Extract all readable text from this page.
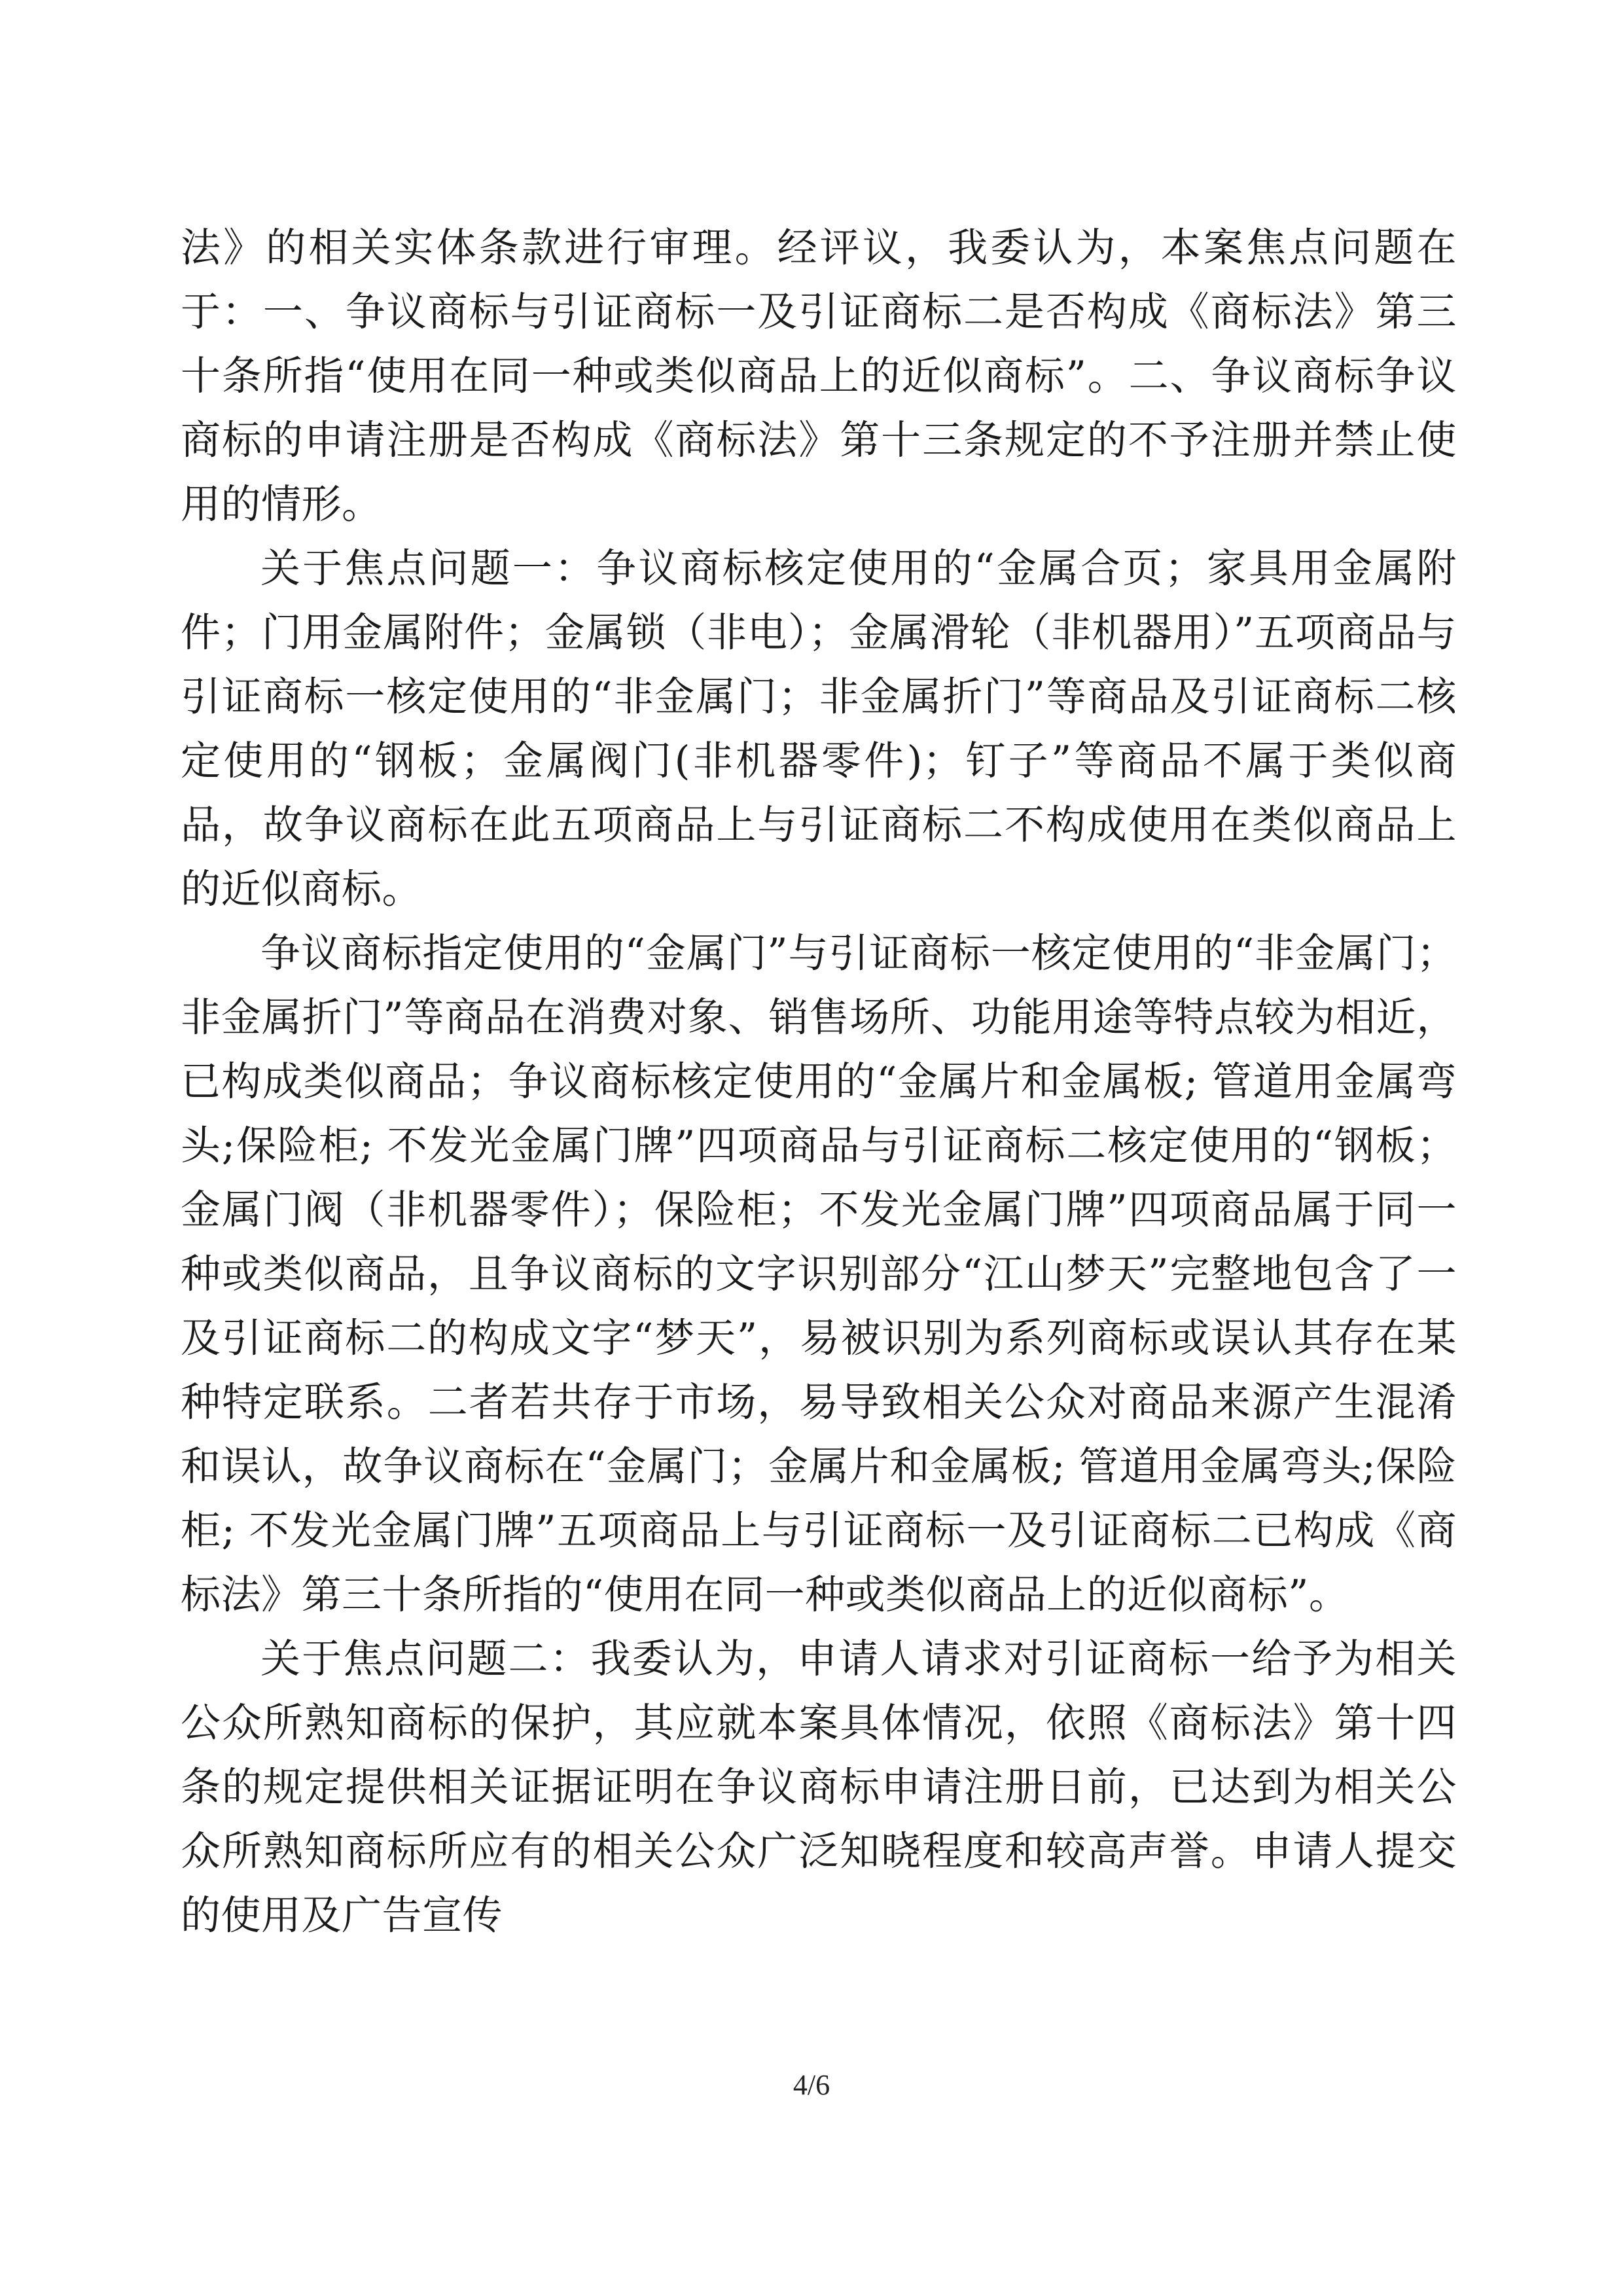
法》的相关实体条款进行审理。经评议，我委认为，本案焦点问题在于：一、争议商标与引证商标一及引证商标二是否构成《商标法》第三十条所指“使用在同一种或类似商品上的近似商标”。二、争议商标争议商标的申请注册是否构成《商标法》第十三条规定的不予注册并禁止使用的情形。

关于焦点问题一：争议商标核定使用的“金属合页；家具用金属附件；门用金属附件；金属锁（非电）；金属滑轮（非机器用）”五项商品与引证商标一核定使用的“非金属门；非金属折门”等商品及引证商标二核定使用的“钢板；金属阀门(非机器零件)；钉子”等商品不属于类似商品，故争议商标在此五项商品上与引证商标二不构成使用在类似商品上的近似商标。

争议商标指定使用的“金属门”与引证商标一核定使用的“非金属门；非金属折门”等商品在消费对象、销售场所、功能用途等特点较为相近，已构成类似商品；争议商标核定使用的“金属片和金属板; 管道用金属弯头;保险柜; 不发光金属门牌”四项商品与引证商标二核定使用的“钢板；金属门阀（非机器零件）；保险柜；不发光金属门牌”四项商品属于同一种或类似商品，且争议商标的文字识别部分“江山梦天”完整地包含了一及引证商标二的构成文字“梦天”，易被识别为系列商标或误认其存在某种特定联系。二者若共存于市场，易导致相关公众对商品来源产生混淆和误认，故争议商标在“金属门；金属片和金属板; 管道用金属弯头;保险柜; 不发光金属门牌”五项商品上与引证商标一及引证商标二已构成《商标法》第三十条所指的“使用在同一种或类似商品上的近似商标”。

关于焦点问题二：我委认为，申请人请求对引证商标一给予为相关公众所熟知商标的保护，其应就本案具体情况，依照《商标法》第十四条的规定提供相关证据证明在争议商标申请注册日前，已达到为相关公众所熟知商标所应有的相关公众广泛知晓程度和较高声誉。申请人提交的使用及广告宣传

4/6
